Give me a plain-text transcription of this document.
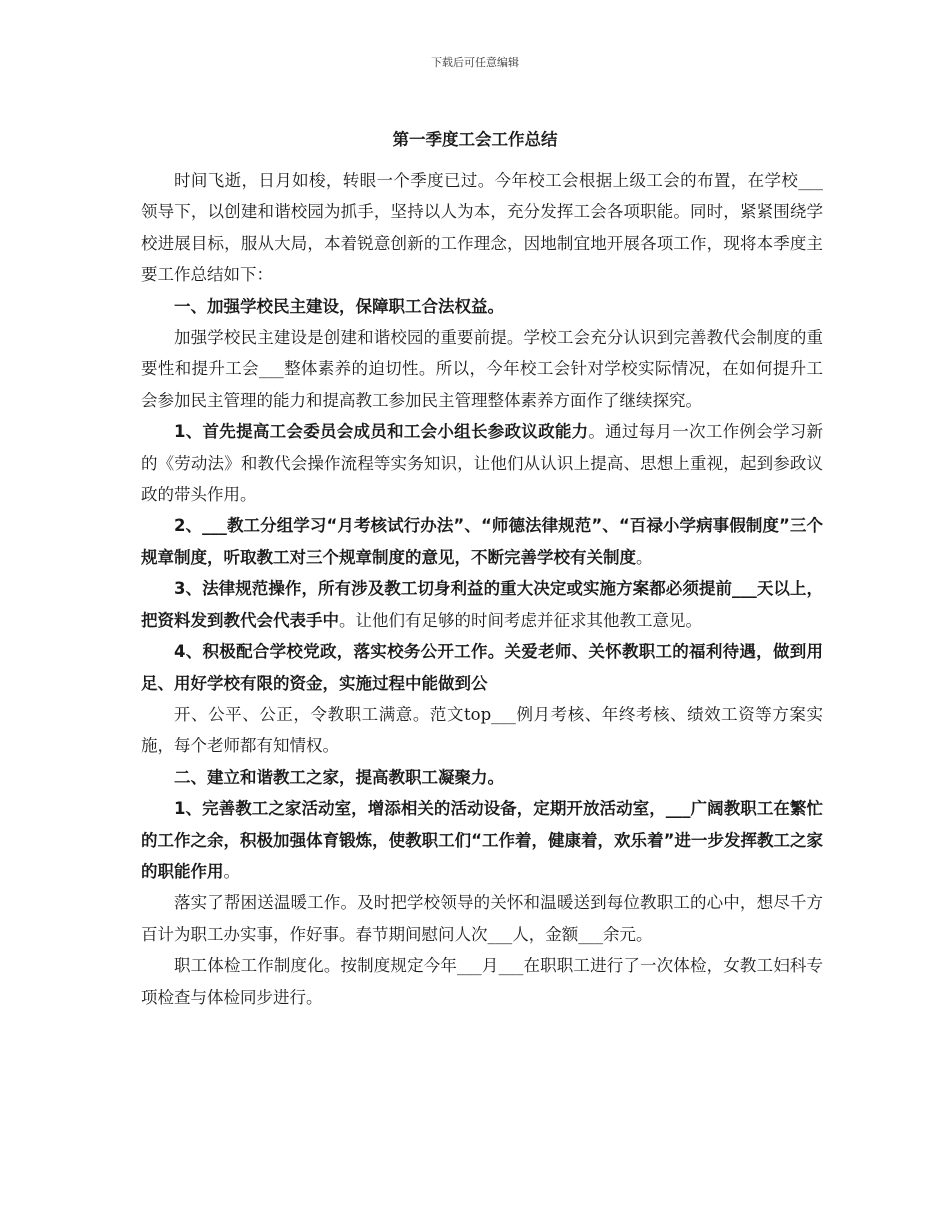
下载后可任意编辑
第一季度工会工作总结

时间飞逝，日月如梭，转眼一个季度已过。今年校工会根据上级工会的布置，在学校___领导下，以创建和谐校园为抓手，坚持以人为本，充分发挥工会各项职能。同时，紧紧围绕学校进展目标，服从大局，本着锐意创新的工作理念，因地制宜地开展各项工作，现将本季度主要工作总结如下：

一、加强学校民主建设，保障职工合法权益。

加强学校民主建设是创建和谐校园的重要前提。学校工会充分认识到完善教代会制度的重要性和提升工会___整体素养的迫切性。所以，今年校工会针对学校实际情况，在如何提升工会参加民主管理的能力和提高教工参加民主管理整体素养方面作了继续探究。

1、首先提高工会委员会成员和工会小组长参政议政能力。通过每月一次工作例会学习新的《劳动法》和教代会操作流程等实务知识，让他们从认识上提高、思想上重视，起到参政议政的带头作用。

2、___教工分组学习“月考核试行办法”、“师德法律规范”、“百禄小学病事假制度”三个规章制度，听取教工对三个规章制度的意见，不断完善学校有关制度。

3、法律规范操作，所有涉及教工切身利益的重大决定或实施方案都必须提前___天以上，把资料发到教代会代表手中。让他们有足够的时间考虑并征求其他教工意见。

4、积极配合学校党政，落实校务公开工作。关爱老师、关怀教职工的福利待遇，做到用足、用好学校有限的资金，实施过程中能做到公

开、公平、公正，令教职工满意。范文top___例月考核、年终考核、绩效工资等方案实施，每个老师都有知情权。

二、建立和谐教工之家，提高教职工凝聚力。

1、完善教工之家活动室，增添相关的活动设备，定期开放活动室，___广阔教职工在繁忙的工作之余，积极加强体育锻炼，使教职工们“工作着，健康着，欢乐着”进一步发挥教工之家的职能作用。

落实了帮困送温暖工作。及时把学校领导的关怀和温暖送到每位教职工的心中，想尽千方百计为职工办实事，作好事。春节期间慰问人次___人，金额___余元。

职工体检工作制度化。按制度规定今年___月___在职职工进行了一次体检，女教工妇科专项检查与体检同步进行。
